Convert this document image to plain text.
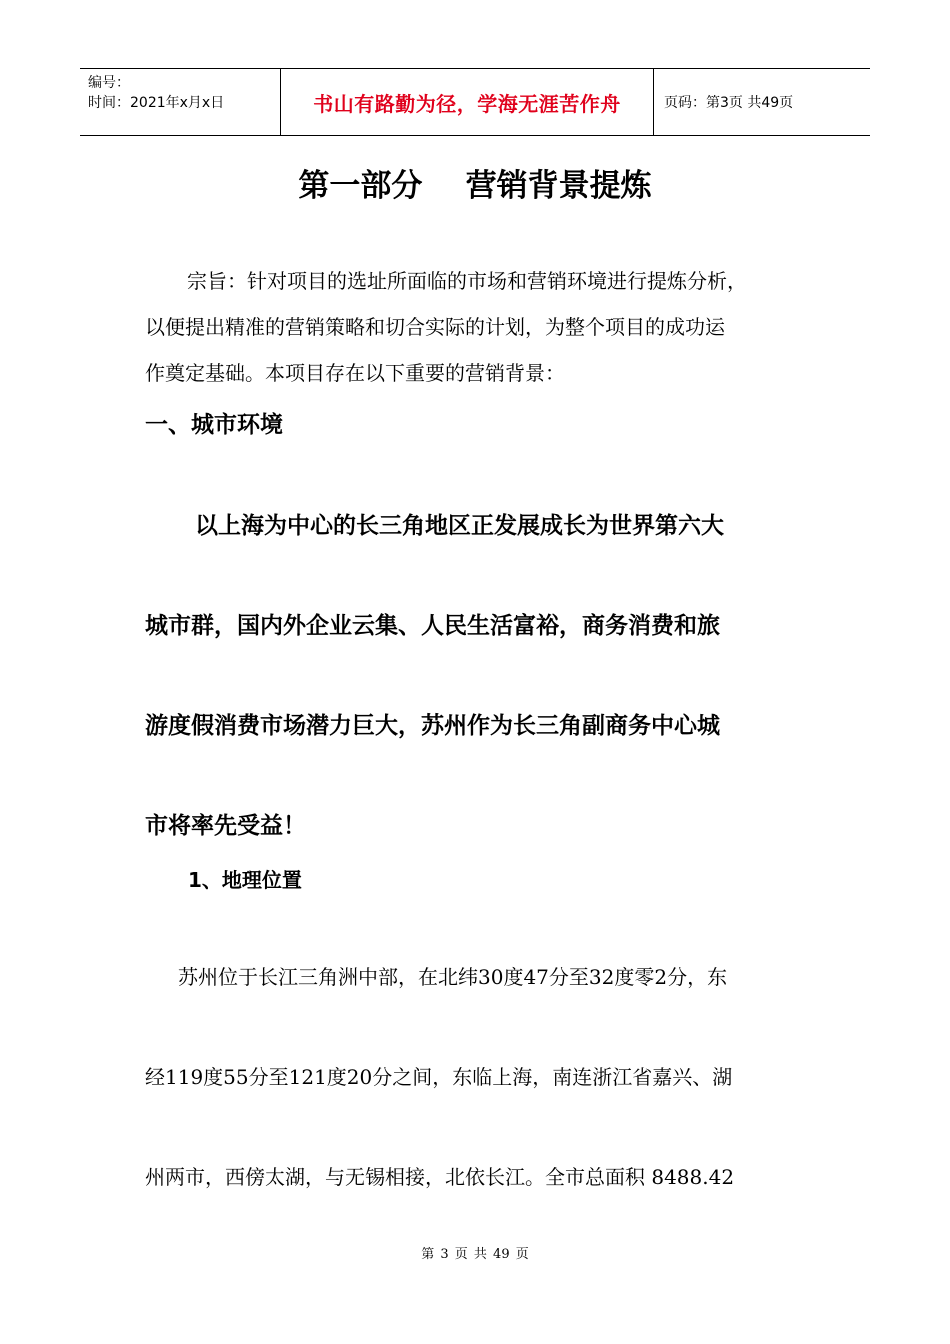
编号：
时间：2021年x月x日	书山有路勤为径，学海无涯苦作舟	页码：第3页 共49页
第一部分    营销背景提炼
宗旨：针对项目的选址所面临的市场和营销环境进行提炼分析，
以便提出精准的营销策略和切合实际的计划，为整个项目的成功运
作奠定基础。本项目存在以下重要的营销背景：
一、城市环境
以上海为中心的长三角地区正发展成长为世界第六大
城市群，国内外企业云集、人民生活富裕，商务消费和旅
游度假消费市场潜力巨大，苏州作为长三角副商务中心城
市将率先受益！
1、地理位置
苏州位于长江三角洲中部，在北纬30度47分至32度零2分，东
经119度55分至121度20分之间，东临上海，南连浙江省嘉兴、湖
州两市，西傍太湖，与无锡相接，北依长江。全市总面积 8488.42
第 3 页 共 49 页
